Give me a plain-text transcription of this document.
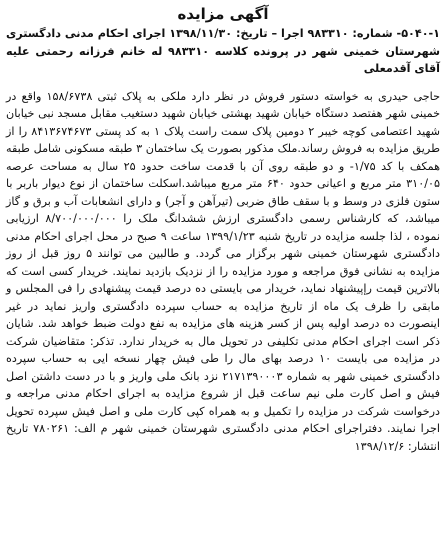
آگهی مزایده
۵۰۴۰-۱- شماره: ۹۸۳۳۱۰ اجرا – تاریخ: ۱۳۹۸/۱۱/۳۰ اجرای احکام مدنی دادگستری شهرستان خمینی شهر در پرونده کلاسه ۹۸۳۳۱۰ له خانم فرزانه رحمتی علیه آقای آقدمعلی
حاجی حیدری به خواسته دستور فروش در نظر دارد ملکی به پلاک ثبتی ۱۵۸/۶۷۳۸ واقع در خمینی شهر هفتصد دستگاه خیابان شهید بهشتی خیابان شهید دستغیب مقابل مسجد نبی خیابان شهید اعتصامی کوچه خیبر ۲ دومین پلاک سمت راست پلاک ۱ به کد پستی ۸۴۱۳۶۷۴۶۷۳ را از طریق مزایده به فروش رساند.ملک مذکور بصورت یک ساختمان ۳ طبقه مسکونی شامل طبقه همکف با کد ۱/۷۵- و دو طبقه روی آن با قدمت ساخت حدود ۲۵ سال به مساحت عرصه ۳۱۰/۰۵ متر مربع و اعیانی حدود ۶۴۰ متر مربع میباشد.اسکلت ساختمان از نوع دیوار باربر با ستون فلزی در وسط و با سقف طاق ضربی (تیرآهن و آجر) و دارای انشعابات آب و برق و گاز میباشد، که کارشناس رسمی دادگستری ارزش ششدانگ ملک را ۸/۷۰۰/۰۰۰/۰۰۰ ارزیابی نموده ، لذا جلسه مزایده در تاریخ شنبه ۱۳۹۹/۱/۲۳ ساعت ۹ صبح در محل اجرای احکام مدنی دادگستری شهرستان خمینی شهر برگزار می گردد. و طالبین می توانند ۵ روز قبل از روز مزایده به نشانی فوق مراجعه و مورد مزایده را از نزدیک بازدید نمایند. خریدار کسی است که بالاترین قیمت رإپیشنهاد نماید، خریدار می بایستی ده درصد قیمت پیشنهادی را فی المجلس و مابقی را ظرف یک ماه از تاریخ مزایده به حساب سپرده دادگستری واریز نماید در غیر اینصورت ده درصد اولیه پس از کسر هزینه های مزایده به نفع دولت ضبط خواهد شد. شایان ذکر است اجرای احکام مدنی تکلیفی در تحویل مال به خریدار ندارد. تذکر: متقاضیان شرکت در مزایده می بایست ۱۰ درصد بهای مال را طی فیش چهار نسخه ایی به حساب سپرده دادگستری خمینی شهر به شماره ۲۱۷۱۳۹۰۰۰۳ نزد بانک ملی واریز و با در دست داشتن اصل فیش و اصل کارت ملی نیم ساعت قبل از شروع مزایده به اجرای احکام مدنی مراجعه و درخواست شرکت در مزایده را تکمیل و به همراه کپی کارت ملی و اصل فیش سپرده تحویل اجرا نمایند. دفتراجرای احکام مدنی دادگستری شهرستان خمینی شهر م الف: ۷۸۰۲۶۱ تاریخ انتشار: ۱۳۹۸/۱۲/۶
